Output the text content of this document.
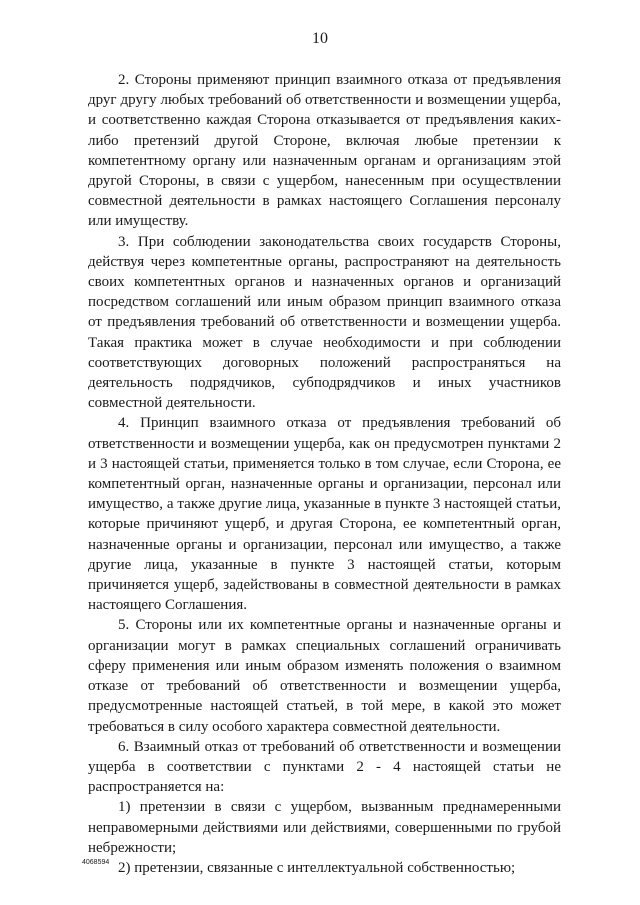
10

2. Стороны применяют принцип взаимного отказа от предъявления друг другу любых требований об ответственности и возмещении ущерба, и соответственно каждая Сторона отказывается от предъявления каких-либо претензий другой Стороне, включая любые претензии к компетентному органу или назначенным органам и организациям этой другой Стороны, в связи с ущербом, нанесенным при осуществлении совместной деятельности в рамках настоящего Соглашения персоналу или имуществу.

3. При соблюдении законодательства своих государств Стороны, действуя через компетентные органы, распространяют на деятельность своих компетентных органов и назначенных органов и организаций посредством соглашений или иным образом принцип взаимного отказа от предъявления требований об ответственности и возмещении ущерба. Такая практика может в случае необходимости и при соблюдении соответствующих договорных положений распространяться на деятельность подрядчиков, субподрядчиков и иных участников совместной деятельности.

4. Принцип взаимного отказа от предъявления требований об ответственности и возмещении ущерба, как он предусмотрен пунктами 2 и 3 настоящей статьи, применяется только в том случае, если Сторона, ее компетентный орган, назначенные органы и организации, персонал или имущество, а также другие лица, указанные в пункте 3 настоящей статьи, которые причиняют ущерб, и другая Сторона, ее компетентный орган, назначенные органы и организации, персонал или имущество, а также другие лица, указанные в пункте 3 настоящей статьи, которым причиняется ущерб, задействованы в совместной деятельности в рамках настоящего Соглашения.

5. Стороны или их компетентные органы и назначенные органы и организации могут в рамках специальных соглашений ограничивать сферу применения или иным образом изменять положения о взаимном отказе от требований об ответственности и возмещении ущерба, предусмотренные настоящей статьей, в той мере, в какой это может требоваться в силу особого характера совместной деятельности.

6. Взаимный отказ от требований об ответственности и возмещении ущерба в соответствии с пунктами 2 - 4 настоящей статьи не распространяется на:

1) претензии в связи с ущербом, вызванным преднамеренными неправомерными действиями или действиями, совершенными по грубой небрежности;

2) претензии, связанные с интеллектуальной собственностью;

4068594
